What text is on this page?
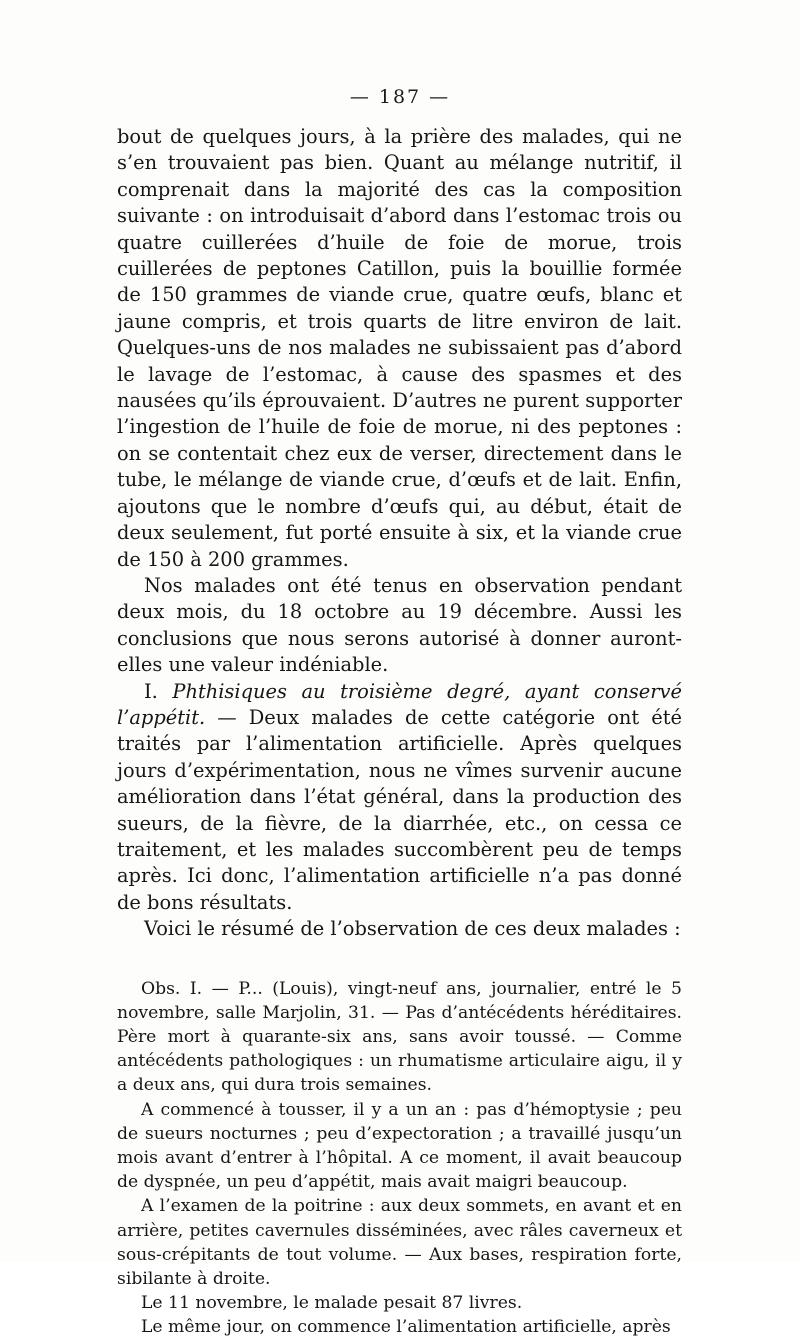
— 187 —

bout de quelques jours, à la prière des malades, qui ne s’en trouvaient pas bien. Quant au mélange nutritif, il comprenait dans la majorité des cas la composition suivante : on introduisait d’abord dans l’estomac trois ou quatre cuillerées d’huile de foie de morue, trois cuillerées de peptones Catillon, puis la bouillie formée de 150 grammes de viande crue, quatre œufs, blanc et jaune compris, et trois quarts de litre environ de lait. Quelques-uns de nos malades ne subissaient pas d’abord le lavage de l’estomac, à cause des spasmes et des nausées qu’ils éprouvaient. D’autres ne purent supporter l’ingestion de l’huile de foie de morue, ni des peptones : on se contentait chez eux de verser, directement dans le tube, le mélange de viande crue, d’œufs et de lait. Enfin, ajoutons que le nombre d’œufs qui, au début, était de deux seulement, fut porté ensuite à six, et la viande crue de 150 à 200 grammes.

Nos malades ont été tenus en observation pendant deux mois, du 18 octobre au 19 décembre. Aussi les conclusions que nous serons autorisé à donner auront-elles une valeur indéniable.

I. Phthisiques au troisième degré, ayant conservé l’appétit. — Deux malades de cette catégorie ont été traités par l’alimentation artificielle. Après quelques jours d’expérimentation, nous ne vîmes survenir aucune amélioration dans l’état général, dans la production des sueurs, de la fièvre, de la diarrhée, etc., on cessa ce traitement, et les malades succombèrent peu de temps après. Ici donc, l’alimentation artificielle n’a pas donné de bons résultats.

Voici le résumé de l’observation de ces deux malades :

Obs. I. — P... (Louis), vingt-neuf ans, journalier, entré le 5 novembre, salle Marjolin, 31. — Pas d’antécédents héréditaires. Père mort à quarante-six ans, sans avoir toussé. — Comme antécédents pathologiques : un rhumatisme articulaire aigu, il y a deux ans, qui dura trois semaines.

A commencé à tousser, il y a un an : pas d’hémoptysie ; peu de sueurs nocturnes ; peu d’expectoration ; a travaillé jusqu’un mois avant d’entrer à l’hôpital. A ce moment, il avait beaucoup de dyspnée, un peu d’appétit, mais avait maigri beaucoup.

A l’examen de la poitrine : aux deux sommets, en avant et en arrière, petites cavernules disséminées, avec râles caverneux et sous-crépitants de tout volume. — Aux bases, respiration forte, sibilante à droite.

Le 11 novembre, le malade pesait 87 livres.

Le même jour, on commence l’alimentation artificielle, après
